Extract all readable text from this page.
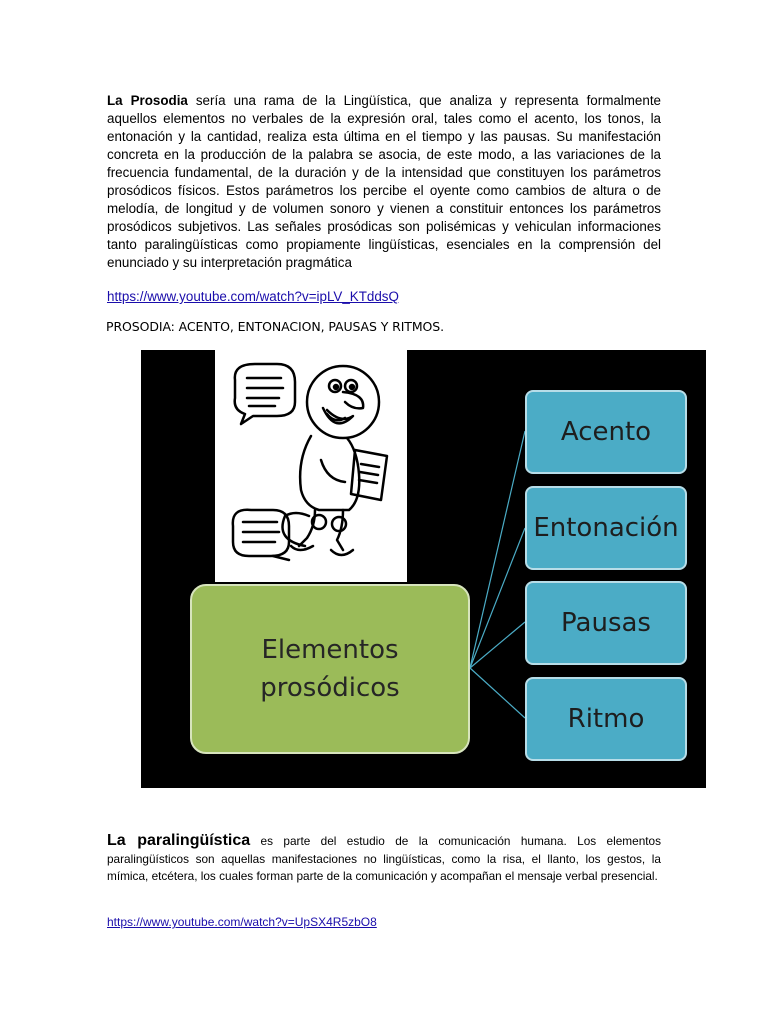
La Prosodia sería una rama de la Lingüística, que analiza y representa formalmente aquellos elementos no verbales de la expresión oral, tales como el acento, los tonos, la entonación y la cantidad, realiza esta última en el tiempo y las pausas. Su manifestación concreta en la producción de la palabra se asocia, de este modo, a las variaciones de la frecuencia fundamental, de la duración y de la intensidad que constituyen los parámetros prosódicos físicos. Estos parámetros los percibe el oyente como cambios de altura o de melodía, de longitud y de volumen sonoro y vienen a constituir entonces los parámetros prosódicos subjetivos. Las señales prosódicas son polisémicas y vehiculan informaciones tanto paralingüísticas como propiamente lingüísticas, esenciales en la comprensión del enunciado y su interpretación pragmática

https://www.youtube.com/watch?v=ipLV_KTddsQ
PROSODIA: ACENTO, ENTONACION, PAUSAS Y RITMOS.
Elementos
prosódicos
Acento
Entonación
Pausas
Ritmo

La paralingüística es parte del estudio de la comunicación humana. Los elementos paralingüísticos son aquellas manifestaciones no lingüísticas, como la risa, el llanto, los gestos, la mímica, etcétera, los cuales forman parte de la comunicación y acompañan el mensaje verbal presencial.

https://www.youtube.com/watch?v=UpSX4R5zbO8
